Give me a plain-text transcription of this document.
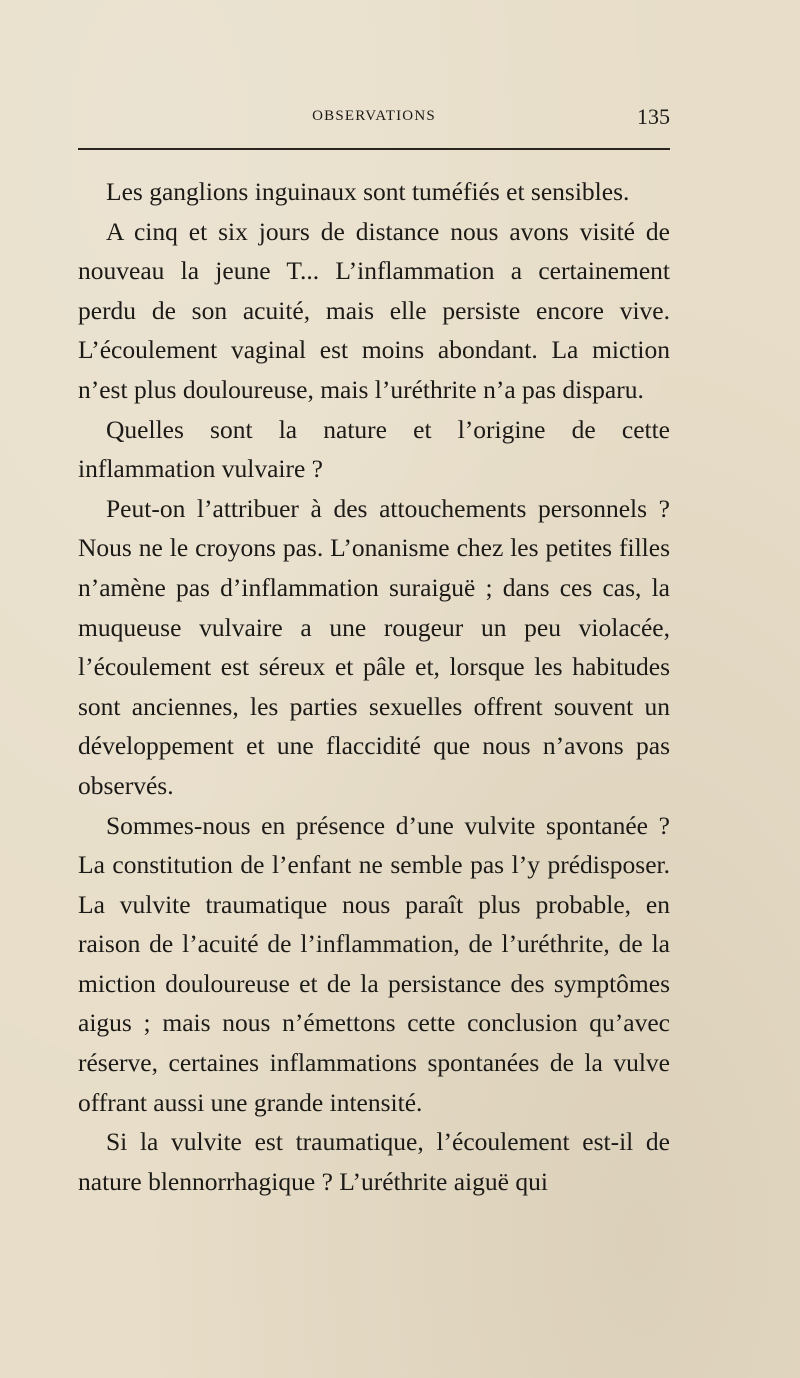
OBSERVATIONS	135

Les ganglions inguinaux sont tuméfiés et sensibles.

A cinq et six jours de distance nous avons visité de nouveau la jeune T... L’inflammation a certainement perdu de son acuité, mais elle persiste encore vive. L’écoulement vaginal est moins abondant. La miction n’est plus douloureuse, mais l’uréthrite n’a pas disparu.

Quelles sont la nature et l’origine de cette inflammation vulvaire ?

Peut-on l’attribuer à des attouchements personnels ? Nous ne le croyons pas. L’onanisme chez les petites filles n’amène pas d’inflammation suraiguë ; dans ces cas, la muqueuse vulvaire a une rougeur un peu violacée, l’écoulement est séreux et pâle et, lorsque les habitudes sont anciennes, les parties sexuelles offrent souvent un développement et une flaccidité que nous n’avons pas observés.

Sommes-nous en présence d’une vulvite spontanée ? La constitution de l’enfant ne semble pas l’y prédisposer. La vulvite traumatique nous paraît plus probable, en raison de l’acuité de l’inflammation, de l’uréthrite, de la miction douloureuse et de la persistance des symptômes aigus ; mais nous n’émettons cette conclusion qu’avec réserve, certaines inflammations spontanées de la vulve offrant aussi une grande intensité.

Si la vulvite est traumatique, l’écoulement est-il de nature blennorrhagique ? L’uréthrite aiguë qui
